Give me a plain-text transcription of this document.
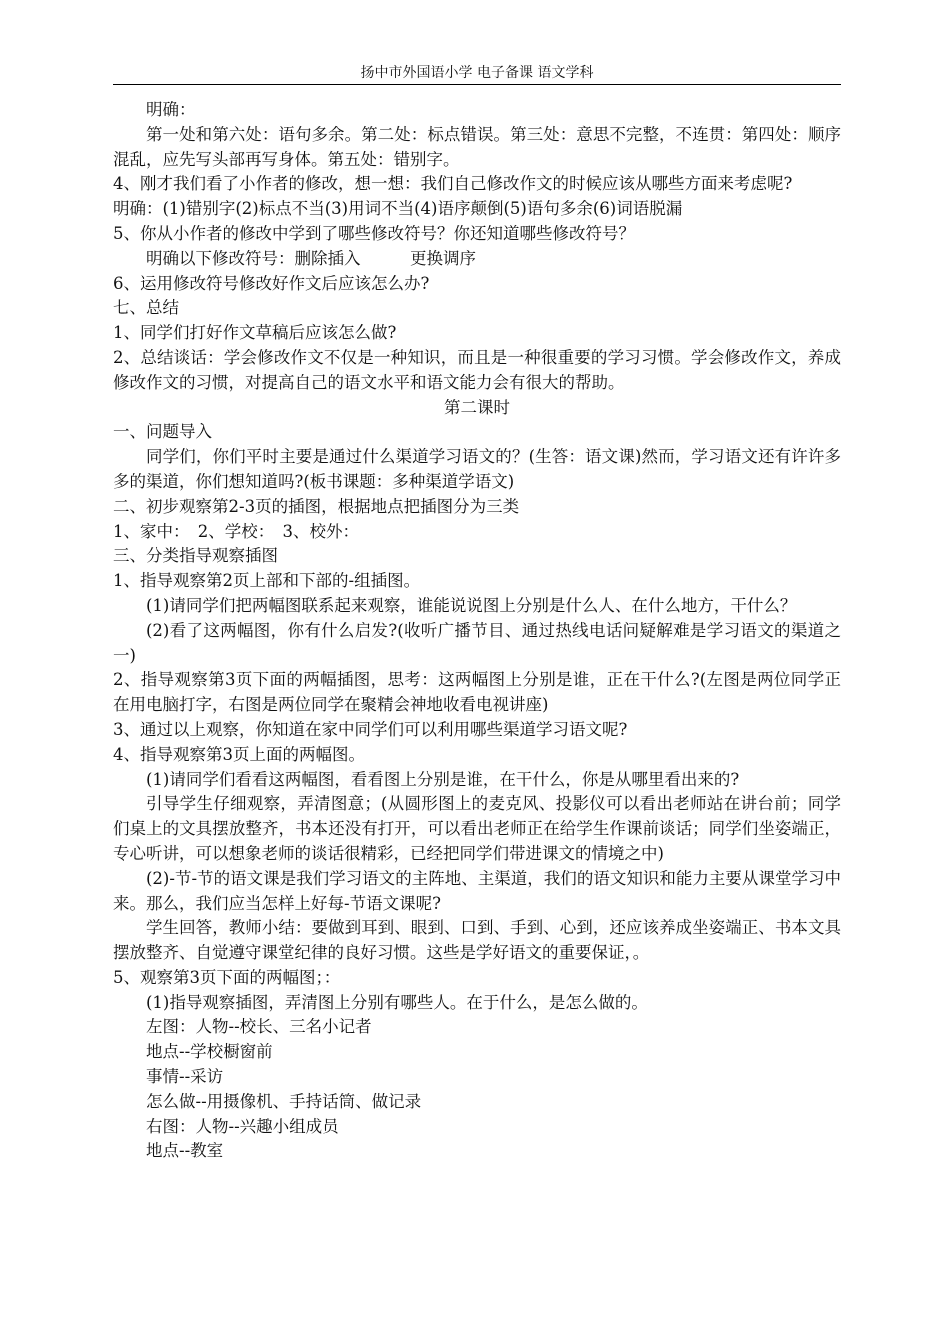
扬中市外国语小学 电子备课 语文学科

明确：

第一处和第六处：语句多余。第二处：标点错误。第三处：意思不完整，不连贯：第四处：顺序混乱，应先写头部再写身体。第五处：错别字。

4、刚才我们看了小作者的修改，想一想：我们自己修改作文的时候应该从哪些方面来考虑呢?

明确：(1)错别字(2)标点不当(3)用词不当(4)语序颠倒(5)语句多余(6)词语脱漏

5、你从小作者的修改中学到了哪些修改符号？你还知道哪些修改符号？

明确以下修改符号：删除插入　　　更换调序

6、运用修改符号修改好作文后应该怎么办?

七、总结

1、同学们打好作文草稿后应该怎么做?

2、总结谈话：学会修改作文不仅是一种知识，而且是一种很重要的学习习惯。学会修改作文，养成修改作文的习惯，对提高自己的语文水平和语文能力会有很大的帮助。

第二课时

一、问题导入

同学们，你们平时主要是通过什么渠道学习语文的？(生答：语文课)然而，学习语文还有许许多多的渠道，你们想知道吗?(板书课题：多种渠道学语文)

二、初步观察第2-3页的插图，根据地点把插图分为三类

1、家中：　2、学校：　3、校外：

三、分类指导观察插图

1、指导观察第2页上部和下部的-组插图。

(1)请同学们把两幅图联系起来观察，谁能说说图上分别是什么人、在什么地方，干什么？

(2)看了这两幅图，你有什么启发?(收听广播节目、通过热线电话问疑解难是学习语文的渠道之一)

2、指导观察第3页下面的两幅插图，思考：这两幅图上分别是谁，正在干什么?(左图是两位同学正在用电脑打字，右图是两位同学在聚精会神地收看电视讲座)

3、通过以上观察，你知道在家中同学们可以利用哪些渠道学习语文呢?

4、指导观察第3页上面的两幅图。

(1)请同学们看看这两幅图，看看图上分别是谁，在干什么，你是从哪里看出来的?

引导学生仔细观察，弄清图意；(从圆形图上的麦克风、投影仪可以看出老师站在讲台前；同学们桌上的文具摆放整齐，书本还没有打开，可以看出老师正在给学生作课前谈话；同学们坐姿端正，专心听讲，可以想象老师的谈话很精彩，已经把同学们带进课文的情境之中)

(2)-节-节的语文课是我们学习语文的主阵地、主渠道，我们的语文知识和能力主要从课堂学习中来。那么，我们应当怎样上好每-节语文课呢?

学生回答，教师小结：要做到耳到、眼到、口到、手到、心到，还应该养成坐姿端正、书本文具摆放整齐、自觉遵守课堂纪律的良好习惯。这些是学好语文的重要保证，。

5、观察第3页下面的两幅图；：

(1)指导观察插图，弄清图上分别有哪些人。在于什么，是怎么做的。

左图：人物--校长、三名小记者

地点--学校橱窗前

事情--采访

怎么做--用摄像机、手持话筒、做记录

右图：人物--兴趣小组成员

地点--教室
